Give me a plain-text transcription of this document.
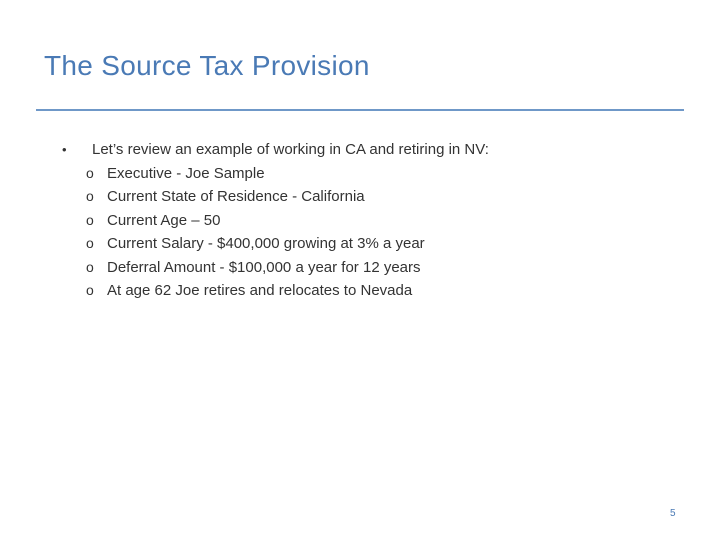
The Source Tax Provision
• Let’s review an example of working in CA and retiring in NV:
o Executive - Joe Sample
o Current State of Residence - California
o Current Age – 50
o Current Salary - $400,000 growing at 3% a year
o Deferral Amount - $100,000 a year for 12 years
o At age 62 Joe retires and relocates to Nevada
5
